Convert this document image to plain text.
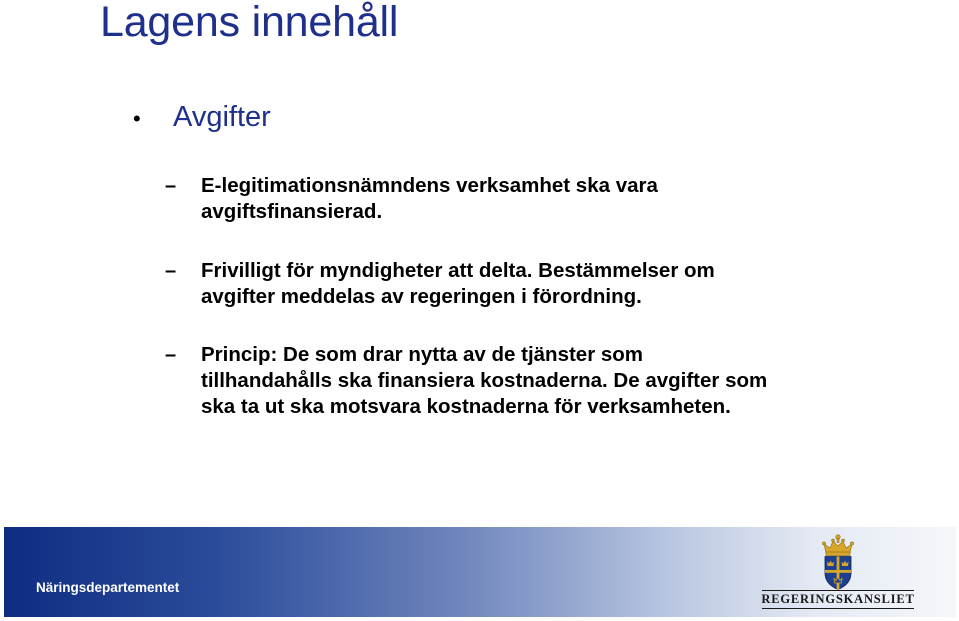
Lagens innehåll
•	Avgifter
–	E-legitimationsnämndens verksamhet ska vara
avgiftsfinansierad.
–	Frivilligt för myndigheter att delta. Bestämmelser om
avgifter meddelas av regeringen i förordning.
–	Princip: De som drar nytta av de tjänster som
tillhandahålls ska finansiera kostnaderna. De avgifter som
ska ta ut ska motsvara kostnaderna för verksamheten.
Näringsdepartementet
REGERINGSKANSLIET
